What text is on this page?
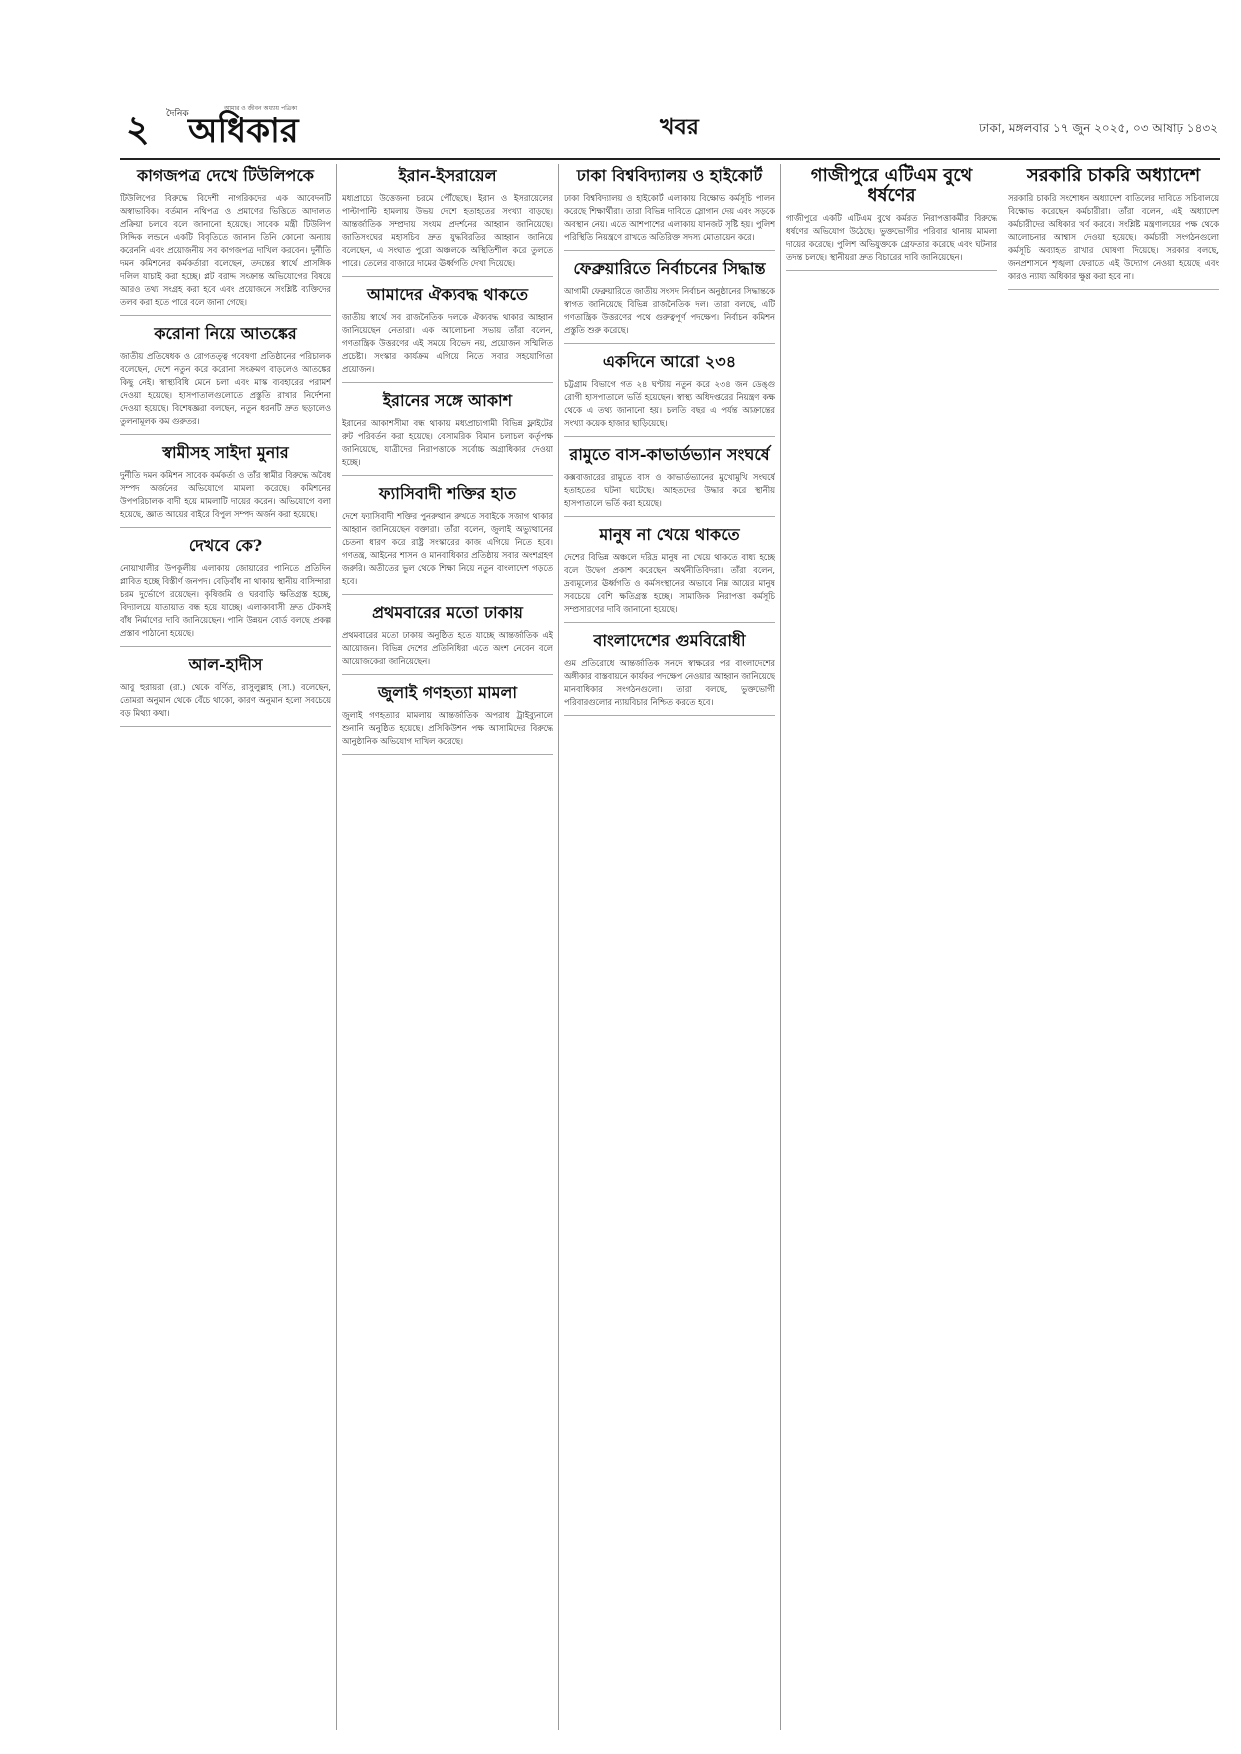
২ দৈনিক অধিকার
আমার ও জীবন অধ্যায় পত্রিকা
খবর	ঢাকা, মঙ্গলবার ১৭ জুন ২০২৫, ০৩ আষাঢ় ১৪৩২
কাগজপত্র দেখে টিউলিপকে
টিউলিপের বিরুদ্ধে বিদেশী নাগরিকদের এক আবেদনটি অস্বাভাবিক। বর্তমান নথিপত্র ও প্রমাণের ভিত্তিতে আদালত প্রক্রিয়া চলবে বলে জানানো হয়েছে। সাবেক মন্ত্রী টিউলিপ সিদ্দিক লন্ডনে একটি বিবৃতিতে জানান তিনি কোনো অন্যায় করেননি এবং প্রয়োজনীয় সব কাগজপত্র দাখিল করবেন। দুর্নীতি দমন কমিশনের কর্মকর্তারা বলেছেন, তদন্তের স্বার্থে প্রাসঙ্গিক দলিল যাচাই করা হচ্ছে। প্লট বরাদ্দ সংক্রান্ত অভিযোগের বিষয়ে আরও তথ্য সংগ্রহ করা হবে এবং প্রয়োজনে সংশ্লিষ্ট ব্যক্তিদের তলব করা হতে পারে বলে জানা গেছে।
করোনা নিয়ে আতঙ্কের
জাতীয় প্রতিষেধক ও রোগতত্ত্ব গবেষণা প্রতিষ্ঠানের পরিচালক বলেছেন, দেশে নতুন করে করোনা সংক্রমণ বাড়লেও আতঙ্কের কিছু নেই। স্বাস্থ্যবিধি মেনে চলা এবং মাস্ক ব্যবহারের পরামর্শ দেওয়া হয়েছে। হাসপাতালগুলোতে প্রস্তুতি রাখার নির্দেশনা দেওয়া হয়েছে। বিশেষজ্ঞরা বলছেন, নতুন ধরনটি দ্রুত ছড়ালেও তুলনামূলক কম গুরুতর।
স্বামীসহ সাইদা মুনার
দুর্নীতি দমন কমিশন সাবেক কর্মকর্তা ও তাঁর স্বামীর বিরুদ্ধে অবৈধ সম্পদ অর্জনের অভিযোগে মামলা করেছে। কমিশনের উপপরিচালক বাদী হয়ে মামলাটি দায়ের করেন। অভিযোগে বলা হয়েছে, জ্ঞাত আয়ের বাইরে বিপুল সম্পদ অর্জন করা হয়েছে।
দেখবে কে?
নোয়াখালীর উপকূলীয় এলাকায় জোয়ারের পানিতে প্রতিদিন প্লাবিত হচ্ছে বিস্তীর্ণ জনপদ। বেড়িবাঁধ না থাকায় স্থানীয় বাসিন্দারা চরম দুর্ভোগে রয়েছেন। কৃষিজমি ও ঘরবাড়ি ক্ষতিগ্রস্ত হচ্ছে, বিদ্যালয়ে যাতায়াত বন্ধ হয়ে যাচ্ছে। এলাকাবাসী দ্রুত টেকসই বাঁধ নির্মাণের দাবি জানিয়েছেন। পানি উন্নয়ন বোর্ড বলছে প্রকল্প প্রস্তাব পাঠানো হয়েছে।
আল-হাদীস
আবু হুরায়রা (রা.) থেকে বর্ণিত, রাসুলুল্লাহ (সা.) বলেছেন, তোমরা অনুমান থেকে বেঁচে থাকো, কারণ অনুমান হলো সবচেয়ে বড় মিথ্যা কথা।
ইরান-ইসরায়েল
মধ্যপ্রাচ্যে উত্তেজনা চরমে পৌঁছেছে। ইরান ও ইসরায়েলের পাল্টাপাল্টি হামলায় উভয় দেশে হতাহতের সংখ্যা বাড়ছে। আন্তর্জাতিক সম্প্রদায় সংযম প্রদর্শনের আহ্বান জানিয়েছে। জাতিসংঘের মহাসচিব দ্রুত যুদ্ধবিরতির আহ্বান জানিয়ে বলেছেন, এ সংঘাত পুরো অঞ্চলকে অস্থিতিশীল করে তুলতে পারে। তেলের বাজারে দামের ঊর্ধ্বগতি দেখা দিয়েছে।
আমাদের ঐক্যবদ্ধ থাকতে
জাতীয় স্বার্থে সব রাজনৈতিক দলকে ঐক্যবদ্ধ থাকার আহ্বান জানিয়েছেন নেতারা। এক আলোচনা সভায় তাঁরা বলেন, গণতান্ত্রিক উত্তরণের এই সময়ে বিভেদ নয়, প্রয়োজন সম্মিলিত প্রচেষ্টা। সংস্কার কার্যক্রম এগিয়ে নিতে সবার সহযোগিতা প্রয়োজন।
ইরানের সঙ্গে আকাশ
ইরানের আকাশসীমা বন্ধ থাকায় মধ্যপ্রাচ্যগামী বিভিন্ন ফ্লাইটের রুট পরিবর্তন করা হয়েছে। বেসামরিক বিমান চলাচল কর্তৃপক্ষ জানিয়েছে, যাত্রীদের নিরাপত্তাকে সর্বোচ্চ অগ্রাধিকার দেওয়া হচ্ছে।
ফ্যাসিবাদী শক্তির হাত
দেশে ফ্যাসিবাদী শক্তির পুনরুত্থান রুখতে সবাইকে সজাগ থাকার আহ্বান জানিয়েছেন বক্তারা। তাঁরা বলেন, জুলাই অভ্যুত্থানের চেতনা ধারণ করে রাষ্ট্র সংস্কারের কাজ এগিয়ে নিতে হবে। গণতন্ত্র, আইনের শাসন ও মানবাধিকার প্রতিষ্ঠায় সবার অংশগ্রহণ জরুরি। অতীতের ভুল থেকে শিক্ষা নিয়ে নতুন বাংলাদেশ গড়তে হবে।
প্রথমবারের মতো ঢাকায়
প্রথমবারের মতো ঢাকায় অনুষ্ঠিত হতে যাচ্ছে আন্তর্জাতিক এই আয়োজন। বিভিন্ন দেশের প্রতিনিধিরা এতে অংশ নেবেন বলে আয়োজকেরা জানিয়েছেন।
জুলাই গণহত্যা মামলা
জুলাই গণহত্যার মামলায় আন্তর্জাতিক অপরাধ ট্রাইব্যুনালে শুনানি অনুষ্ঠিত হয়েছে। প্রসিকিউশন পক্ষ আসামিদের বিরুদ্ধে আনুষ্ঠানিক অভিযোগ দাখিল করেছে।
ঢাকা বিশ্ববিদ্যালয় ও হাইকোর্ট
ঢাকা বিশ্ববিদ্যালয় ও হাইকোর্ট এলাকায় বিক্ষোভ কর্মসূচি পালন করেছে শিক্ষার্থীরা। তারা বিভিন্ন দাবিতে স্লোগান দেয় এবং সড়কে অবস্থান নেয়। এতে আশপাশের এলাকায় যানজট সৃষ্টি হয়। পুলিশ পরিস্থিতি নিয়ন্ত্রণে রাখতে অতিরিক্ত সদস্য মোতায়েন করে।
ফেব্রুয়ারিতে নির্বাচনের সিদ্ধান্ত
আগামী ফেব্রুয়ারিতে জাতীয় সংসদ নির্বাচন অনুষ্ঠানের সিদ্ধান্তকে স্বাগত জানিয়েছে বিভিন্ন রাজনৈতিক দল। তারা বলছে, এটি গণতান্ত্রিক উত্তরণের পথে গুরুত্বপূর্ণ পদক্ষেপ। নির্বাচন কমিশন প্রস্তুতি শুরু করেছে।
একদিনে আরো ২৩৪
চট্টগ্রাম বিভাগে গত ২৪ ঘণ্টায় নতুন করে ২৩৪ জন ডেঙ্গু রোগী হাসপাতালে ভর্তি হয়েছেন। স্বাস্থ্য অধিদপ্তরের নিয়ন্ত্রণ কক্ষ থেকে এ তথ্য জানানো হয়। চলতি বছর এ পর্যন্ত আক্রান্তের সংখ্যা কয়েক হাজার ছাড়িয়েছে।
রামুতে বাস-কাভার্ডভ্যান সংঘর্ষে
কক্সবাজারের রামুতে বাস ও কাভার্ডভ্যানের মুখোমুখি সংঘর্ষে হতাহতের ঘটনা ঘটেছে। আহতদের উদ্ধার করে স্থানীয় হাসপাতালে ভর্তি করা হয়েছে।
মানুষ না খেয়ে থাকতে
দেশের বিভিন্ন অঞ্চলে দরিদ্র মানুষ না খেয়ে থাকতে বাধ্য হচ্ছে বলে উদ্বেগ প্রকাশ করেছেন অর্থনীতিবিদরা। তাঁরা বলেন, দ্রব্যমূল্যের ঊর্ধ্বগতি ও কর্মসংস্থানের অভাবে নিম্ন আয়ের মানুষ সবচেয়ে বেশি ক্ষতিগ্রস্ত হচ্ছে। সামাজিক নিরাপত্তা কর্মসূচি সম্প্রসারণের দাবি জানানো হয়েছে।
বাংলাদেশের গুমবিরোধী
গুম প্রতিরোধে আন্তর্জাতিক সনদে স্বাক্ষরের পর বাংলাদেশের অঙ্গীকার বাস্তবায়নে কার্যকর পদক্ষেপ নেওয়ার আহ্বান জানিয়েছে মানবাধিকার সংগঠনগুলো। তারা বলছে, ভুক্তভোগী পরিবারগুলোর ন্যায়বিচার নিশ্চিত করতে হবে।
গাজীপুরে এটিএম বুথে ধর্ষণের
গাজীপুরে একটি এটিএম বুথে কর্মরত নিরাপত্তাকর্মীর বিরুদ্ধে ধর্ষণের অভিযোগ উঠেছে। ভুক্তভোগীর পরিবার থানায় মামলা দায়ের করেছে। পুলিশ অভিযুক্তকে গ্রেফতার করেছে এবং ঘটনার তদন্ত চলছে। স্থানীয়রা দ্রুত বিচারের দাবি জানিয়েছেন।
সরকারি চাকরি অধ্যাদেশ
সরকারি চাকরি সংশোধন অধ্যাদেশ বাতিলের দাবিতে সচিবালয়ে বিক্ষোভ করেছেন কর্মচারীরা। তাঁরা বলেন, এই অধ্যাদেশ কর্মচারীদের অধিকার খর্ব করবে। সংশ্লিষ্ট মন্ত্রণালয়ের পক্ষ থেকে আলোচনার আশ্বাস দেওয়া হয়েছে। কর্মচারী সংগঠনগুলো কর্মসূচি অব্যাহত রাখার ঘোষণা দিয়েছে। সরকার বলছে, জনপ্রশাসনে শৃঙ্খলা ফেরাতে এই উদ্যোগ নেওয়া হয়েছে এবং কারও ন্যায্য অধিকার ক্ষুণ্ণ করা হবে না।
